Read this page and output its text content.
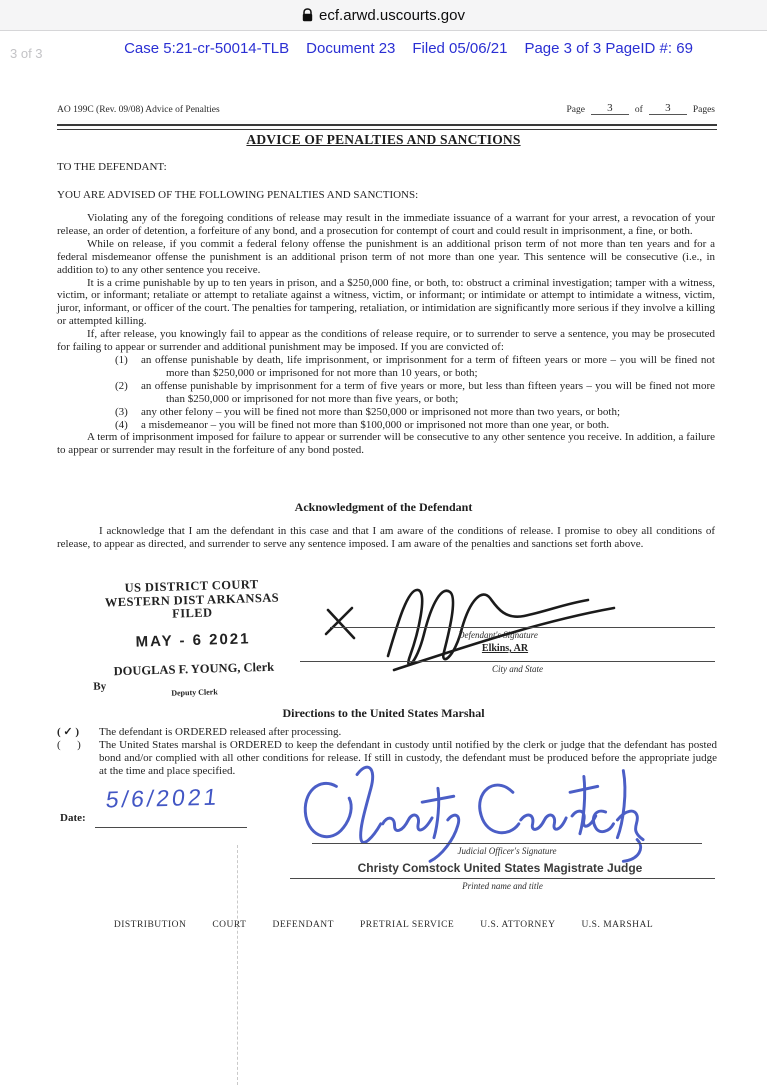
ecf.arwd.uscourts.gov
3 of 3	Case 5:21-cr-50014-TLB Document 23 Filed 05/06/21 Page 3 of 3 PageID #: 69
AO 199C (Rev. 09/08) Advice of Penalties	Page	3	of	3	Pages
ADVICE OF PENALTIES AND SANCTIONS
TO THE DEFENDANT:
YOU ARE ADVISED OF THE FOLLOWING PENALTIES AND SANCTIONS:

Violating any of the foregoing conditions of release may result in the immediate issuance of a warrant for your arrest, a revocation of your release, an order of detention, a forfeiture of any bond, and a prosecution for contempt of court and could result in imprisonment, a fine, or both.

While on release, if you commit a federal felony offense the punishment is an additional prison term of not more than ten years and for a federal misdemeanor offense the punishment is an additional prison term of not more than one year. This sentence will be consecutive (i.e., in addition to) to any other sentence you receive.

It is a crime punishable by up to ten years in prison, and a $250,000 fine, or both, to: obstruct a criminal investigation; tamper with a witness, victim, or informant; retaliate or attempt to retaliate against a witness, victim, or informant; or intimidate or attempt to intimidate a witness, victim, juror, informant, or officer of the court. The penalties for tampering, retaliation, or intimidation are significantly more serious if they involve a killing or attempted killing.

If, after release, you knowingly fail to appear as the conditions of release require, or to surrender to serve a sentence, you may be prosecuted for failing to appear or surrender and additional punishment may be imposed. If you are convicted of:

(1)	an offense punishable by death, life imprisonment, or imprisonment for a term of fifteen years or more – you will be fined not more than $250,000 or imprisoned for not more than 10 years, or both;
(2)	an offense punishable by imprisonment for a term of five years or more, but less than fifteen years – you will be fined not more than $250,000 or imprisoned for not more than five years, or both;
(3)	any other felony – you will be fined not more than $250,000 or imprisoned not more than two years, or both;
(4)	a misdemeanor – you will be fined not more than $100,000 or imprisoned not more than one year, or both.

A term of imprisonment imposed for failure to appear or surrender will be consecutive to any other sentence you receive. In addition, a failure to appear or surrender may result in the forfeiture of any bond posted.

Acknowledgment of the Defendant
I acknowledge that I am the defendant in this case and that I am aware of the conditions of release. I promise to obey all conditions of release, to appear as directed, and surrender to serve any sentence imposed. I am aware of the penalties and sanctions set forth above.
US DISTRICT COURT
WESTERN DIST ARKANSAS
FILED
MAY - 6 2021
DOUGLAS F. YOUNG, Clerk
By	Deputy Clerk
Defendant's Signature
Elkins, AR
City and State
Directions to the United States Marshal
( ✓ )	The defendant is ORDERED released after processing.
(      )	The United States marshal is ORDERED to keep the defendant in custody until notified by the clerk or judge that the defendant has posted bond and/or complied with all other conditions for release. If still in custody, the defendant must be produced before the appropriate judge at the time and place specified.
Date:
5/6/2021
Judicial Officer's Signature
Christy Comstock United States Magistrate Judge
Printed name and title
DISTRIBUTION	COURT	DEFENDANT	PRETRIAL SERVICE	U.S. ATTORNEY	U.S. MARSHAL
